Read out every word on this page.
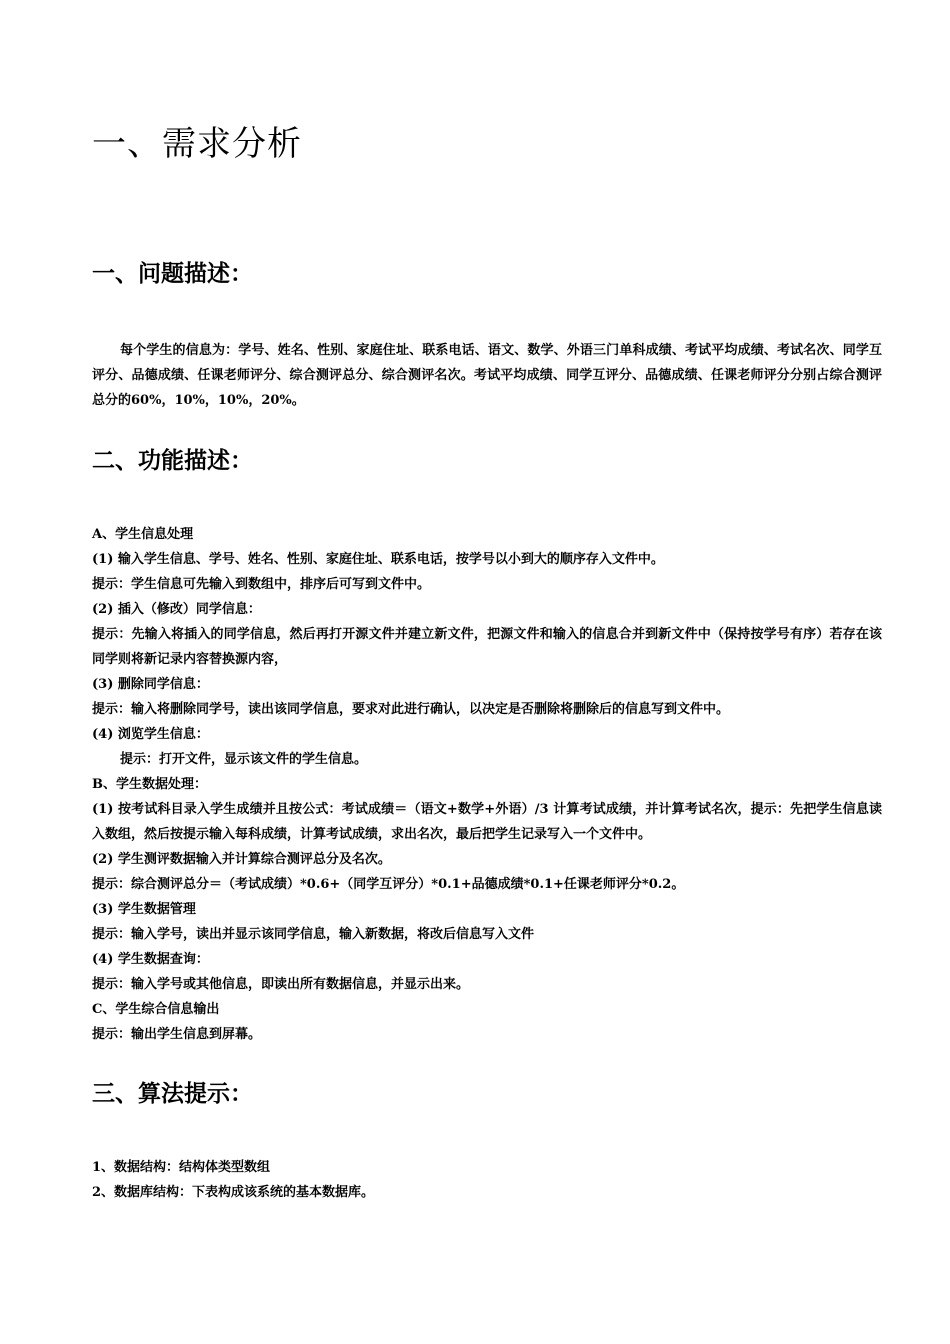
一、需求分析
一、问题描述：
每个学生的信息为：学号、姓名、性别、家庭住址、联系电话、语文、数学、外语三门单科成绩、考试平均成绩、考试名次、同学互评分、品德成绩、任课老师评分、综合测评总分、综合测评名次。考试平均成绩、同学互评分、品德成绩、任课老师评分分别占综合测评总分的60%，10%，10%，20%。
二、功能描述：
A、学生信息处理
(1) 输入学生信息、学号、姓名、性别、家庭住址、联系电话，按学号以小到大的顺序存入文件中。
提示：学生信息可先输入到数组中，排序后可写到文件中。
(2) 插入（修改）同学信息：
提示：先输入将插入的同学信息，然后再打开源文件并建立新文件，把源文件和输入的信息合并到新文件中（保持按学号有序）若存在该同学则将新记录内容替换源内容，
(3) 删除同学信息：
提示：输入将删除同学号，读出该同学信息，要求对此进行确认，以决定是否删除将删除后的信息写到文件中。
(4) 浏览学生信息：
提示：打开文件，显示该文件的学生信息。
B、学生数据处理：
(1) 按考试科目录入学生成绩并且按公式：考试成绩＝（语文+数学+外语）/3 计算考试成绩，并计算考试名次，提示：先把学生信息读入数组，然后按提示输入每科成绩，计算考试成绩，求出名次，最后把学生记录写入一个文件中。
(2) 学生测评数据输入并计算综合测评总分及名次。
提示：综合测评总分＝（考试成绩）*0.6+（同学互评分）*0.1+品德成绩*0.1+任课老师评分*0.2。
(3) 学生数据管理
提示：输入学号，读出并显示该同学信息，输入新数据，将改后信息写入文件
(4) 学生数据查询：
提示：输入学号或其他信息，即读出所有数据信息，并显示出来。
C、学生综合信息输出
提示：输出学生信息到屏幕。
三、算法提示：
1、数据结构：结构体类型数组
2、数据库结构：下表构成该系统的基本数据库。
